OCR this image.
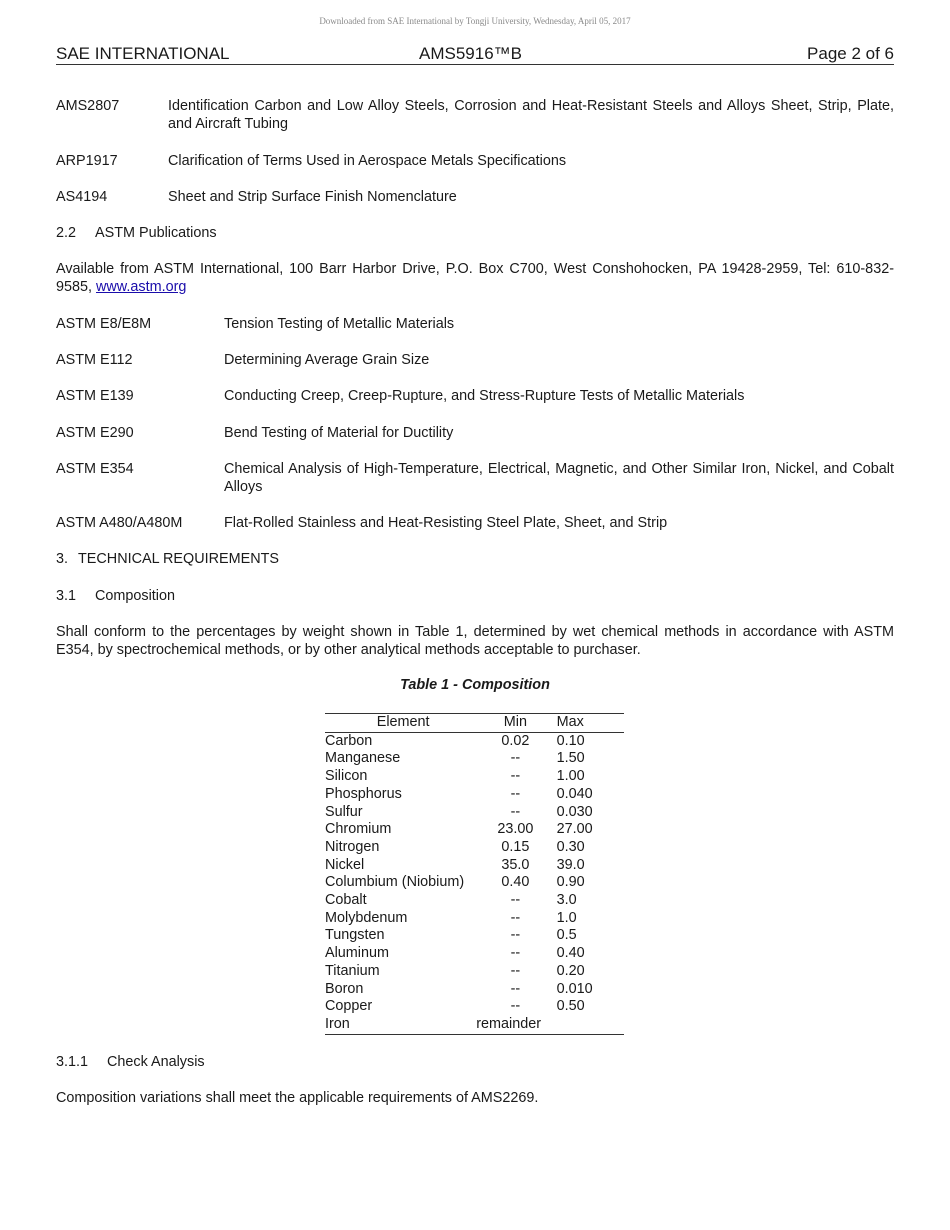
Downloaded from SAE International by Tongji University, Wednesday, April 05, 2017
SAE INTERNATIONAL	AMS5916™B	Page 2 of 6
AMS2807	Identification Carbon and Low Alloy Steels, Corrosion and Heat-Resistant Steels and Alloys Sheet, Strip, Plate, and Aircraft Tubing
ARP1917	Clarification of Terms Used in Aerospace Metals Specifications
AS4194	Sheet and Strip Surface Finish Nomenclature
2.2 ASTM Publications
Available from ASTM International, 100 Barr Harbor Drive, P.O. Box C700, West Conshohocken, PA 19428-2959, Tel: 610-832-9585, www.astm.org
ASTM E8/E8M	Tension Testing of Metallic Materials
ASTM E112	Determining Average Grain Size
ASTM E139	Conducting Creep, Creep-Rupture, and Stress-Rupture Tests of Metallic Materials
ASTM E290	Bend Testing of Material for Ductility
ASTM E354	Chemical Analysis of High-Temperature, Electrical, Magnetic, and Other Similar Iron, Nickel, and Cobalt Alloys
ASTM A480/A480M	Flat-Rolled Stainless and Heat-Resisting Steel Plate, Sheet, and Strip
3. TECHNICAL REQUIREMENTS
3.1 Composition
Shall conform to the percentages by weight shown in Table 1, determined by wet chemical methods in accordance with ASTM E354, by spectrochemical methods, or by other analytical methods acceptable to purchaser.
Table 1 - Composition
Element	Min	Max
Carbon	0.02	0.10
Manganese	--	1.50
Silicon	--	1.00
Phosphorus	--	0.040
Sulfur	--	0.030
Chromium	23.00	27.00
Nitrogen	0.15	0.30
Nickel	35.0	39.0
Columbium (Niobium)	0.40	0.90
Cobalt	--	3.0
Molybdenum	--	1.0
Tungsten	--	0.5
Aluminum	--	0.40
Titanium	--	0.20
Boron	--	0.010
Copper	--	0.50
Iron	remainder	
3.1.1 Check Analysis
Composition variations shall meet the applicable requirements of AMS2269.
